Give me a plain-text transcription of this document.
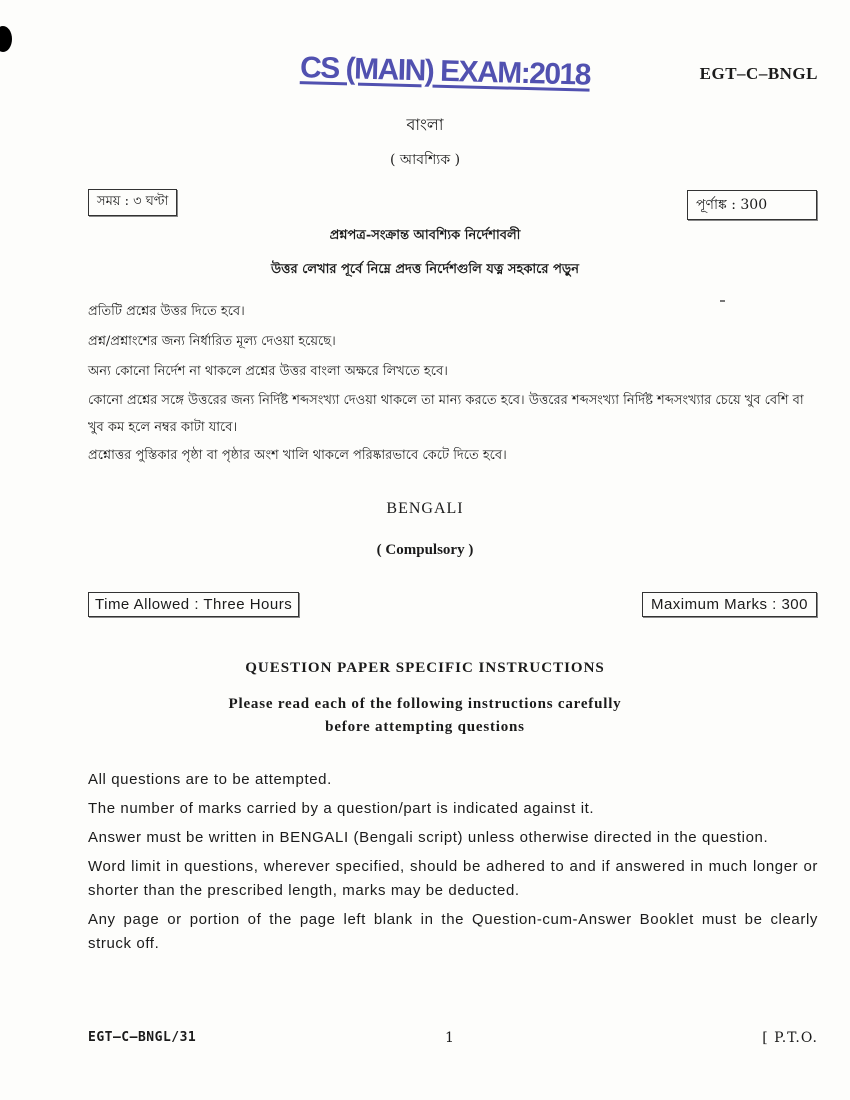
CS (MAIN) EXAM:2018	EGT–C–BNGL
বাংলা
( আবশ্যিক )
সময় : ৩ ঘণ্টা	পূর্ণাঙ্ক : 300
প্রশ্নপত্র-সংক্রান্ত আবশ্যিক নির্দেশাবলী
উত্তর লেখার পূর্বে নিম্নে প্রদত্ত নির্দেশগুলি যত্ন সহকারে পড়ুন
প্রতিটি প্রশ্নের উত্তর দিতে হবে।
প্রশ্ন/প্রশ্নাংশের জন্য নির্ধারিত মূল্য দেওয়া হয়েছে।
অন্য কোনো নির্দেশ না থাকলে প্রশ্নের উত্তর বাংলা অক্ষরে লিখতে হবে।
কোনো প্রশ্নের সঙ্গে উত্তরের জন্য নির্দিষ্ট শব্দসংখ্যা দেওয়া থাকলে তা মান্য করতে হবে। উত্তরের শব্দসংখ্যা নির্দিষ্ট শব্দসংখ্যার চেয়ে খুব বেশি বা খুব কম হলে নম্বর কাটা যাবে।
প্রশ্নোত্তর পুস্তিকার পৃষ্ঠা বা পৃষ্ঠার অংশ খালি থাকলে পরিষ্কারভাবে কেটে দিতে হবে।
BENGALI
( Compulsory )
Time Allowed : Three Hours	Maximum Marks : 300
QUESTION PAPER SPECIFIC INSTRUCTIONS
Please read each of the following instructions carefully
before attempting questions
All questions are to be attempted.
The number of marks carried by a question/part is indicated against it.
Answer must be written in BENGALI (Bengali script) unless otherwise directed in the question.
Word limit in questions, wherever specified, should be adhered to and if answered in much longer or shorter than the prescribed length, marks may be deducted.
Any page or portion of the page left blank in the Question-cum-Answer Booklet must be clearly struck off.
EGT–C–BNGL/31	1	[ P.T.O.
